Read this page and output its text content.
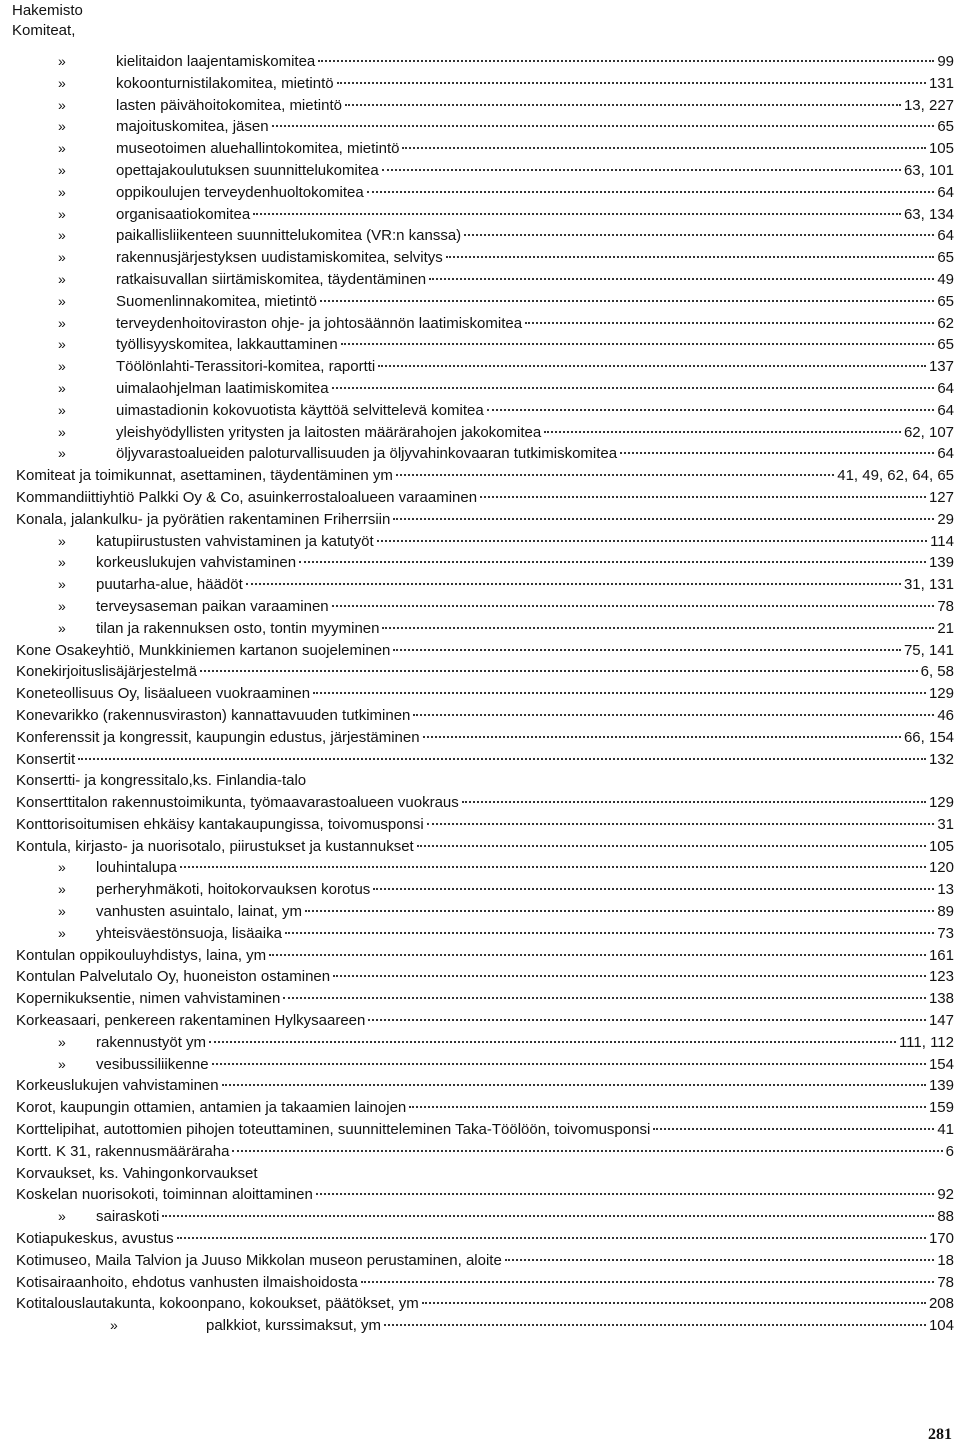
Hakemisto
Komiteat,
»	kielitaidon laajentamiskomitea	99
»	kokoonturnistilakomitea, mietintö	131
»	lasten päivähoitokomitea, mietintö	13, 227
»	majoituskomitea, jäsen	65
»	museotoimen aluehallintokomitea, mietintö	105
»	opettajakoulutuksen suunnittelukomitea	63, 101
»	oppikoulujen terveydenhuoltokomitea	64
»	organisaatiokomitea	63, 134
»	paikallisliikenteen suunnittelukomitea (VR:n kanssa)	64
»	rakennusjärjestyksen uudistamiskomitea, selvitys	65
»	ratkaisuvallan siirtämiskomitea, täydentäminen	49
»	Suomenlinnakomitea, mietintö	65
»	terveydenhoitoviraston ohje- ja johtosäännön laatimiskomitea	62
»	työllisyyskomitea, lakkauttaminen	65
»	Töölönlahti-Terassitori-komitea, raportti	137
»	uimalaohjelman laatimiskomitea	64
»	uimastadionin kokovuotista käyttöä selvittelevä komitea	64
»	yleishyödyllisten yritysten ja laitosten määrärahojen jakokomitea	62, 107
»	öljyvarastoalueiden paloturvallisuuden ja öljyvahinkovaaran tutkimiskomitea	64
Komiteat ja toimikunnat, asettaminen, täydentäminen ym	41, 49, 62, 64, 65
Kommandiittiyhtiö Palkki Oy & Co, asuinkerrostaloalueen varaaminen	127
Konala, jalankulku- ja pyörätien rakentaminen Friherrsiin	29
»	katupiirustusten vahvistaminen ja katutyöt	114
»	korkeuslukujen vahvistaminen	139
»	puutarha-alue, häädöt	31, 131
»	terveysaseman paikan varaaminen	78
»	tilan ja rakennuksen osto, tontin myyminen	21
Kone Osakeyhtiö, Munkkiniemen kartanon suojeleminen	75, 141
Konekirjoituslisäjärjestelmä	6, 58
Koneteollisuus Oy, lisäalueen vuokraaminen	129
Konevarikko (rakennusviraston) kannattavuuden tutkiminen	46
Konferenssit ja kongressit, kaupungin edustus, järjestäminen	66, 154
Konsertit	132
Konsertti- ja kongressitalo,ks. Finlandia-talo
Konserttitalon rakennustoimikunta, työmaavarastoalueen vuokraus	129
Konttorisoitumisen ehkäisy kantakaupungissa, toivomusponsi	31
Kontula, kirjasto- ja nuorisotalo, piirustukset ja kustannukset	105
»	louhintalupa	120
»	perheryhmäkoti, hoitokorvauksen korotus	13
»	vanhusten asuintalo, lainat, ym	89
»	yhteisväestönsuoja, lisäaika	73
Kontulan oppikouluyhdistys, laina, ym	161
Kontulan Palvelutalo Oy, huoneiston ostaminen	123
Kopernikuksentie, nimen vahvistaminen	138
Korkeasaari, penkereen rakentaminen Hylkysaareen	147
»	rakennustyöt ym	111, 112
»	vesibussiliikenne	154
Korkeuslukujen vahvistaminen	139
Korot, kaupungin ottamien, antamien ja takaamien lainojen	159
Korttelipihat, autottomien pihojen toteuttaminen, suunnitteleminen Taka-Töölöön, toivomusponsi	41
Kortt. K 31, rakennusmääräraha	6
Korvaukset, ks. Vahingonkorvaukset
Koskelan nuorisokoti, toiminnan aloittaminen	92
»	sairaskoti	88
Kotiapukeskus, avustus	170
Kotimuseo, Maila Talvion ja Juuso Mikkolan museon perustaminen, aloite	18
Kotisairaanhoito, ehdotus vanhusten ilmaishoidosta	78
Kotitalouslautakunta, kokoonpano, kokoukset, päätökset, ym	208
»	palkkiot, kurssimaksut, ym	104
281
